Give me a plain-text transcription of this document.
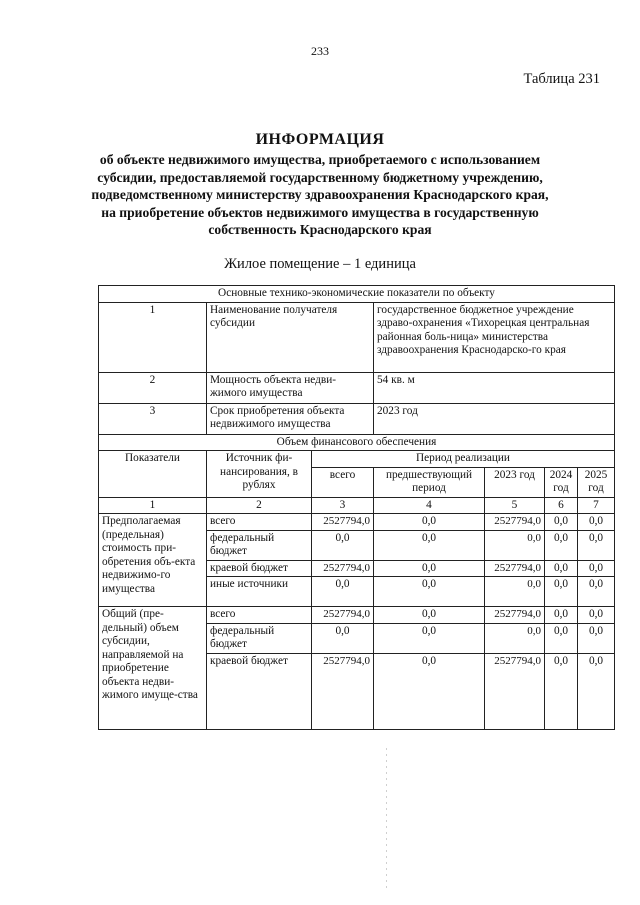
233
Таблица 231
ИНФОРМАЦИЯ
об объекте недвижимого имущества, приобретаемого с использованием
субсидии, предоставляемой государственному бюджетному учреждению,
подведомственному министерству здравоохранения Краснодарского края,
на приобретение объектов недвижимого имущества в государственную
собственность Краснодарского края
Жилое помещение – 1 единица
Основные технико-экономические показатели по объекту						
1	Наименование получателя субсидии		государственное бюджетное учреждение здраво-охранения «Тихорецкая центральная районная боль-ница» министерства здравоохранения Краснодарско-го края			
2	Мощность объекта недви-жимого имущества		54 кв. м			
3	Срок приобретения объекта недвижимого имущества		2023 год			
Объем финансового обеспечения						
Показатели	Источник фи-нансирования, в рублях	Период реализации				
		всего	предшествующий период	2023 год	2024 год	2025 год
1	2	3	4	5	6	7
Предполагаемая (предельная) стоимость при-обретения объ-екта недвижимо-го имущества	всего	2527794,0	0,0	2527794,0	0,0	0,0
	федеральный бюджет	0,0	0,0	0,0	0,0	0,0
	краевой бюджет	2527794,0	0,0	2527794,0	0,0	0,0
	иные источники	0,0	0,0	0,0	0,0	0,0
Общий (пре-дельный) объем субсидии, направляемой на приобретение объекта недви-жимого имуще-ства	всего	2527794,0	0,0	2527794,0	0,0	0,0
	федеральный бюджет	0,0	0,0	0,0	0,0	0,0
	краевой бюджет	2527794,0	0,0	2527794,0	0,0	0,0
